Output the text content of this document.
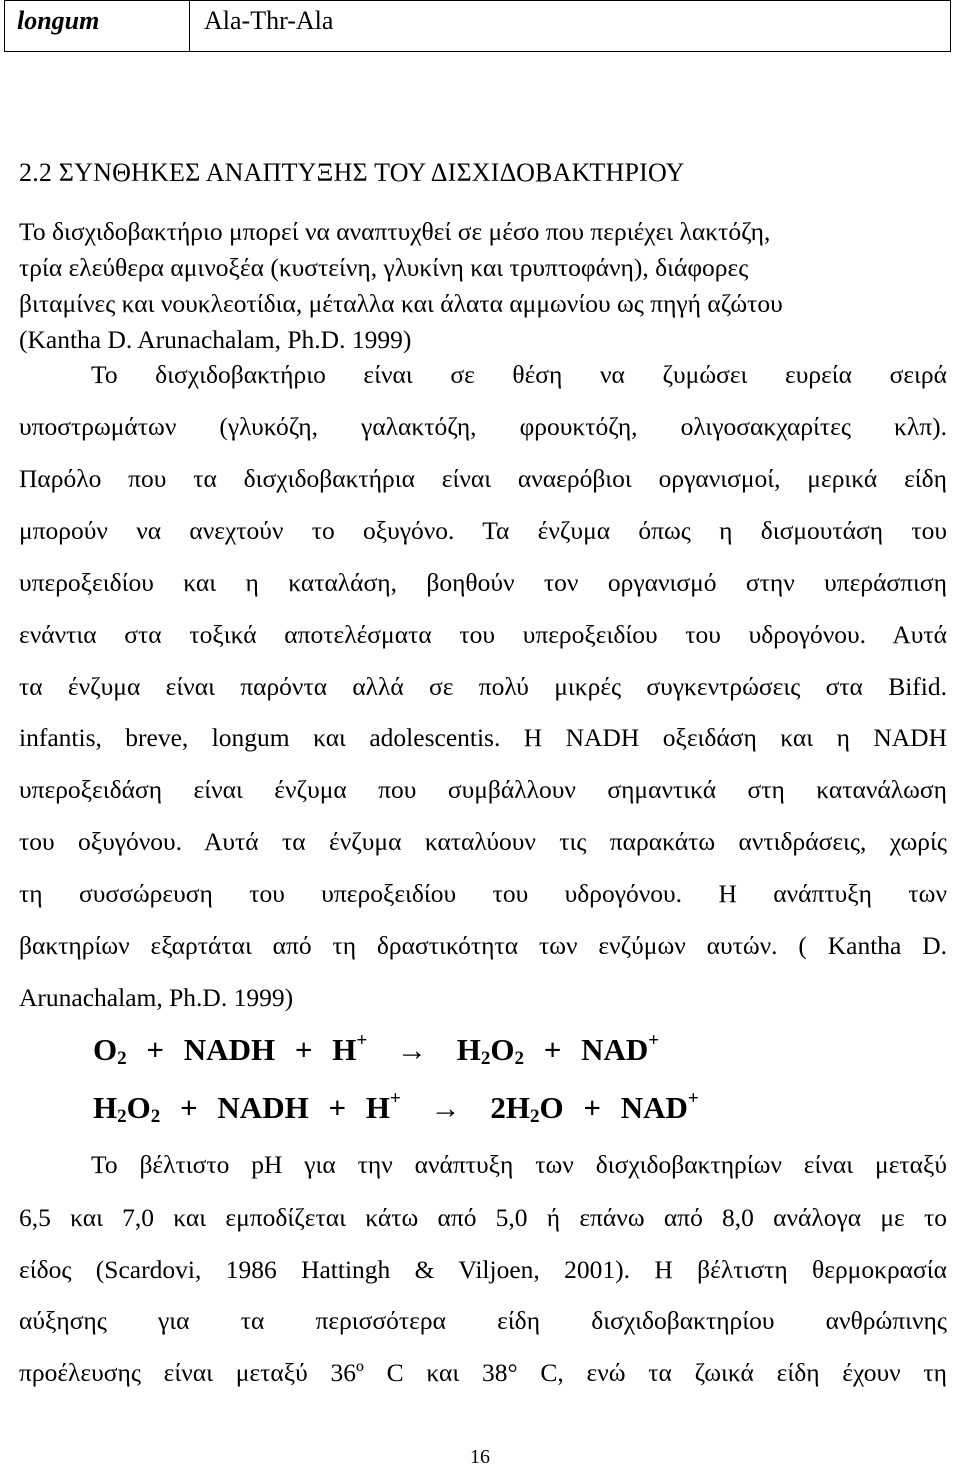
longum	Ala-Thr-Ala
2.2 ΣΥΝΘΗΚΕΣ ΑΝΑΠΤΥΞΗΣ ΤΟΥ ΔΙΣΧΙΔΟΒΑΚΤΗΡΙΟΥ
Το δισχιδοβακτήριο μπορεί να αναπτυχθεί σε μέσο που περιέχει λακτόζη,
τρία ελεύθερα αμινοξέα (κυστείνη, γλυκίνη και τρυπτοφάνη), διάφορες
βιταμίνες και νουκλεοτίδια, μέταλλα και άλατα αμμωνίου ως πηγή αζώτου
(Kantha D. Arunachalam, Ph.D. 1999)
Το δισχιδοβακτήριο είναι σε θέση να ζυμώσει ευρεία σειρά
υποστρωμάτων (γλυκόζη, γαλακτόζη, φρουκτόζη, ολιγοσακχαρίτες κλπ).
Παρόλο που τα δισχιδοβακτήρια είναι αναερόβιοι οργανισμοί, μερικά είδη
μπορούν να ανεχτούν το οξυγόνο. Τα ένζυμα όπως η δισμουτάση του
υπεροξειδίου και η καταλάση, βοηθούν τον οργανισμό στην υπεράσπιση
ενάντια στα τοξικά αποτελέσματα του υπεροξειδίου του υδρογόνου. Αυτά
τα ένζυμα είναι παρόντα αλλά σε πολύ μικρές συγκεντρώσεις στα Bifid.
infantis, breve, longum και adolescentis. Η NADH οξειδάση και η NADH
υπεροξειδάση είναι ένζυμα που συμβάλλουν σημαντικά στη κατανάλωση
του οξυγόνου. Αυτά τα ένζυμα καταλύουν τις παρακάτω αντιδράσεις, χωρίς
τη συσσώρευση του υπεροξειδίου του υδρογόνου. Η ανάπτυξη των
βακτηρίων εξαρτάται από τη δραστικότητα των ενζύμων αυτών. ( Kantha D.
Arunachalam, Ph.D. 1999)
$O_2$ + NADH + $H^+ \to H_2O_2 + NAD^+$
$H_2O_2$ + NADH + $H^+ \to 2H_2O + NAD^+$
Το βέλτιστο pH για την ανάπτυξη των δισχιδοβακτηρίων είναι μεταξύ
6,5 και 7,0 και εμποδίζεται κάτω από 5,0 ή επάνω από 8,0 ανάλογα με το
είδος (Scardovi, 1986 Hattingh & Viljoen, 2001). Η βέλτιστη θερμοκρασία
αύξησης για τα περισσότερα είδη δισχιδοβακτηρίου ανθρώπινης
προέλευσης είναι μεταξύ 36º C και 38° C, ενώ τα ζωικά είδη έχουν τη
16
